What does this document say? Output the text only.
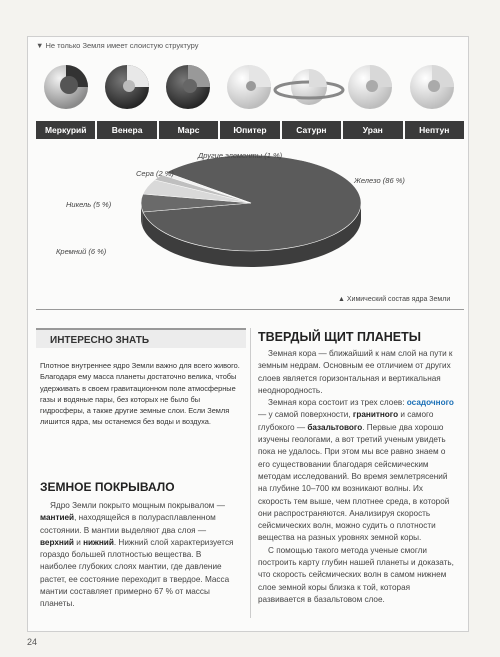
▼ Не только Земля имеет слоистую структуру
Меркурий	Венера	Марс	Юпитер	Сатурн	Уран	Нептун
Другие элементы (1 %)
Сера (2 %)
Никель (5 %)
Кремний (6 %)
Железо (86 %)
▲ Химический состав ядра Земли
ИНТЕРЕСНО ЗНАТЬ
Плотное внутреннее ядро Земли важно для всего живого. Благодаря ему масса планеты достаточно велика, чтобы удерживать в своем гравитационном поле атмосферные газы и водяные пары, без которых не было бы гидросферы, а также другие земные слои. Если Земля лишится ядра, мы останемся без воды и воздуха.
ТВЕРДЫЙ ЩИТ ПЛАНЕТЫ

Земная кора — ближайший к нам слой на пути к земным недрам. Основным ее отличием от других слоев является горизонтальная и вертикальная неоднородность.

Земная кора состоит из трех слоев: осадочного — у самой поверхности, гранитного и самого глубокого — базальтового. Первые два хорошо изучены геологами, а вот третий ученым увидеть пока не удалось. При этом мы все равно знаем о его существовании благодаря сейсмическим методам исследований. Во время землетрясений на глубине 10–700 км возникают волны. Их скорость тем выше, чем плотнее среда, в которой они распространяются. Анализируя скорость сейсмических волн, можно судить о плотности вещества на разных уровнях земной коры.

С помощью такого метода ученые смогли построить карту глубин нашей планеты и доказать, что скорость сейсмических волн в самом нижнем слое земной коры близка к той, которая развивается в базальтовом слое.

ЗЕМНОЕ ПОКРЫВАЛО

Ядро Земли покрыто мощным покрывалом — мантией, находящейся в полурасплавленном состоянии. В мантии выделяют два слоя — верхний и нижний. Нижний слой характеризуется гораздо большей плотностью вещества. В наиболее глубоких слоях мантии, где давление растет, ее состояние переходит в твердое. Масса мантии составляет примерно 67 % от массы планеты.

24
